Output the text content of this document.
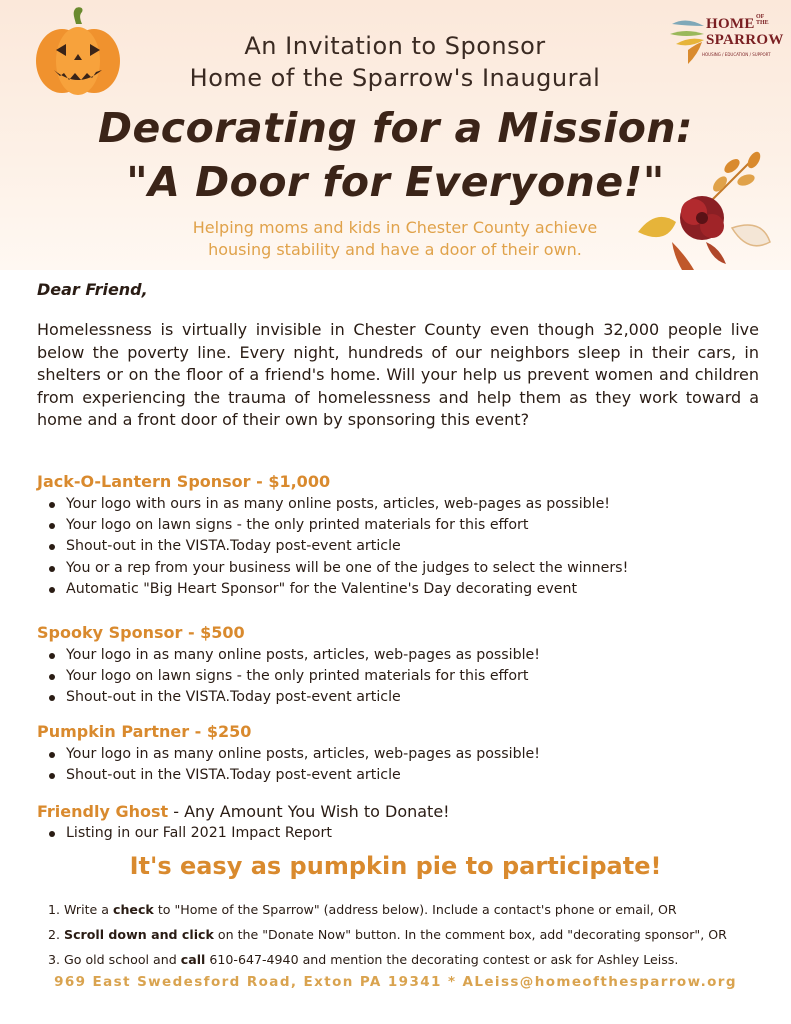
HOME OF THE
SPARROW
HOUSING / EDUCATION / SUPPORT
An Invitation to Sponsor
Home of the Sparrow's Inaugural
Decorating for a Mission:
"A Door for Everyone!"
Helping moms and kids in Chester County achieve
housing stability and have a door of their own.
Dear Friend,
Homelessness is virtually invisible in Chester County even though 32,000 people live below the poverty line. Every night, hundreds of our neighbors sleep in their cars, in shelters or on the floor of a friend's home. Will your help us prevent women and children from experiencing the trauma of homelessness and help them as they work toward a home and a front door of their own by sponsoring this event?
Jack-O-Lantern Sponsor - $1,000
Your logo with ours in as many online posts, articles, web-pages as possible!
Your logo on lawn signs - the only printed materials for this effort
Shout-out in the VISTA.Today post-event article
You or a rep from your business will be one of the judges to select the winners!
Automatic "Big Heart Sponsor" for the Valentine's Day decorating event
Spooky Sponsor - $500
Your logo in as many online posts, articles, web-pages as possible!
Your logo on lawn signs - the only printed materials for this effort
Shout-out in the VISTA.Today post-event article
Pumpkin Partner - $250
Your logo in as many online posts, articles, web-pages as possible!
Shout-out in the VISTA.Today post-event article
Friendly Ghost - Any Amount You Wish to Donate!
Listing in our Fall 2021 Impact Report
It's easy as pumpkin pie to participate!
1. Write a check to "Home of the Sparrow" (address below). Include a contact's phone or email, OR
2. Scroll down and click on the "Donate Now" button. In the comment box, add "decorating sponsor", OR
3. Go old school and call 610-647-4940 and mention the decorating contest or ask for Ashley Leiss.
969 East Swedesford Road, Exton PA 19341 * ALeiss@homeofthesparrow.org
